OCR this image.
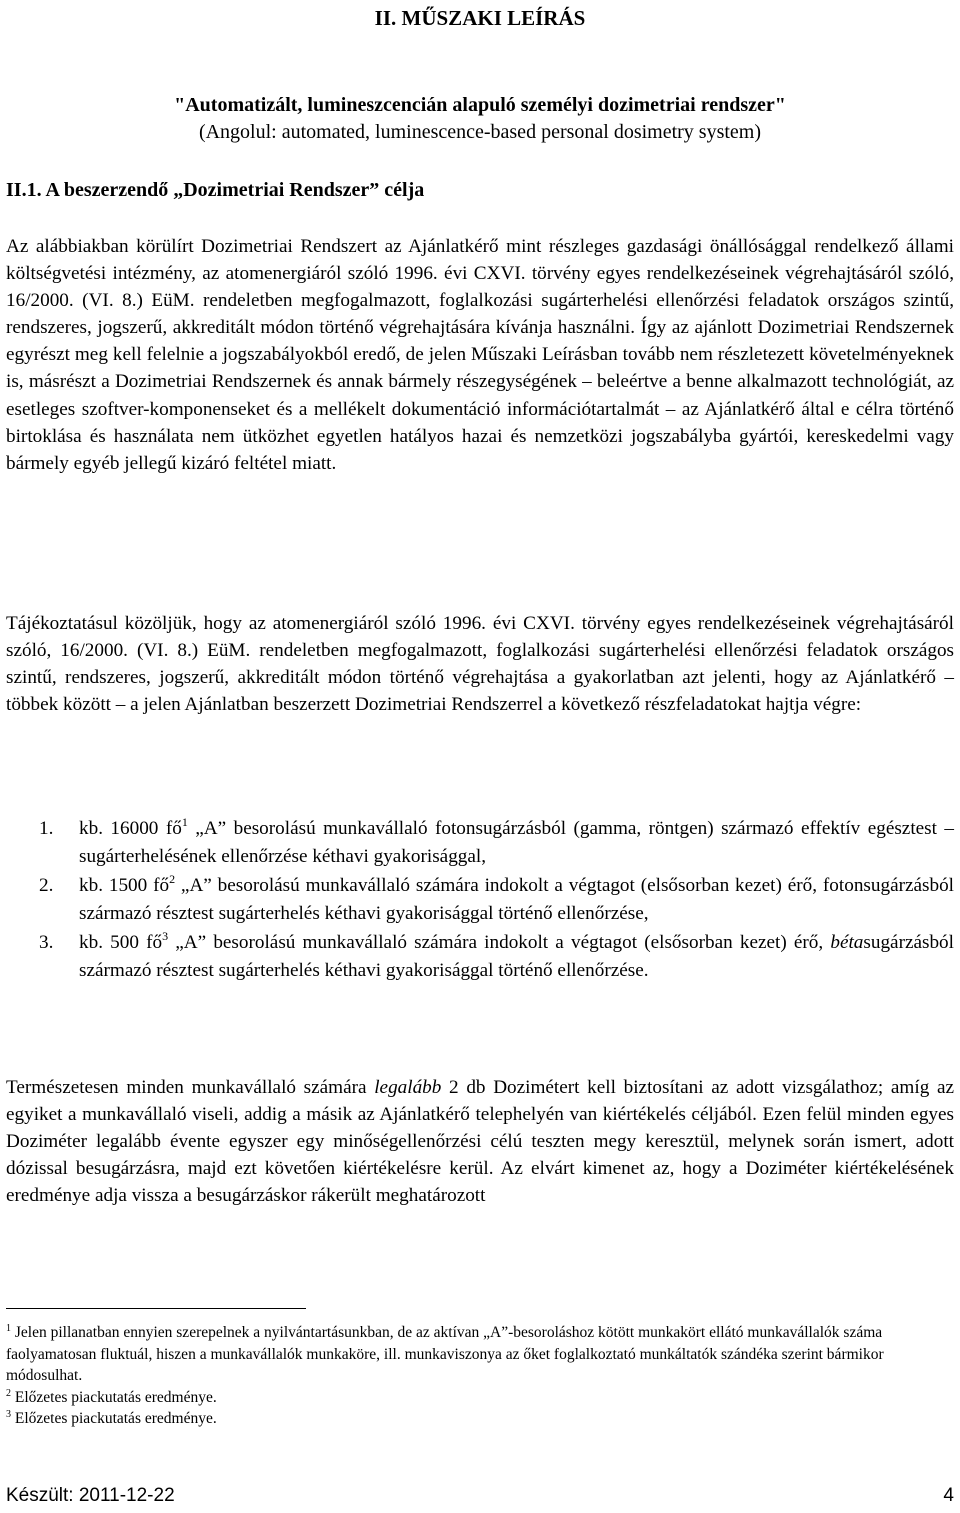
II. MŰSZAKI LEÍRÁS
"Automatizált, lumineszcencián alapuló személyi dozimetriai rendszer"
(Angolul: automated, luminescence-based personal dosimetry system)
II.1. A beszerzendő „Dozimetriai Rendszer” célja

Az alábbiakban körülírt Dozimetriai Rendszert az Ajánlatkérő mint részleges gazdasági önállósággal rendelkező állami költségvetési intézmény, az atomenergiáról szóló 1996. évi CXVI. törvény egyes rendelkezéseinek végrehajtásáról szóló, 16/2000. (VI. 8.) EüM. rendeletben megfogalmazott, foglalkozási sugárterhelési ellenőrzési feladatok országos szintű, rendszeres, jogszerű, akkreditált módon történő végrehajtására kívánja használni. Így az ajánlott Dozimetriai Rendszernek egyrészt meg kell felelnie a jogszabályokból eredő, de jelen Műszaki Leírásban tovább nem részletezett követelményeknek is, másrészt a Dozimetriai Rendszernek és annak bármely részegységének – beleértve a benne alkalmazott technológiát, az esetleges szoftver-komponenseket és a mellékelt dokumentáció információtartalmát – az Ajánlatkérő által e célra történő birtoklása és használata nem ütközhet egyetlen hatályos hazai és nemzetközi jogszabályba gyártói, kereskedelmi vagy bármely egyéb jellegű kizáró feltétel miatt.

Tájékoztatásul közöljük, hogy az atomenergiáról szóló 1996. évi CXVI. törvény egyes rendelkezéseinek végrehajtásáról szóló, 16/2000. (VI. 8.) EüM. rendeletben megfogalmazott, foglalkozási sugárterhelési ellenőrzési feladatok országos szintű, rendszeres, jogszerű, akkreditált módon történő végrehajtása a gyakorlatban azt jelenti, hogy az Ajánlatkérő – többek között – a jelen Ajánlatban beszerzett Dozimetriai Rendszerrel a következő részfeladatokat hajtja végre:

1. kb. 16000 $fő^1$ „A” besorolású munkavállaló fotonsugárzásból (gamma, röntgen) származó effektív egésztest – sugárterhelésének ellenőrzése kéthavi gyakorisággal,
2. kb. 1500 $fő^2$ „A” besorolású munkavállaló számára indokolt a végtagot (elsősorban kezet) érő, fotonsugárzásból származó résztest sugárterhelés kéthavi gyakorisággal történő ellenőrzése,
3. kb. 500 $fő^3$ „A” besorolású munkavállaló számára indokolt a végtagot (elsősorban kezet) érő, bétasugárzásból származó résztest sugárterhelés kéthavi gyakorisággal történő ellenőrzése.

Természetesen minden munkavállaló számára legalább 2 db Dozimétert kell biztosítani az adott vizsgálathoz; amíg az egyiket a munkavállaló viseli, addig a másik az Ajánlatkérő telephelyén van kiértékelés céljából. Ezen felül minden egyes Doziméter legalább évente egyszer egy minőségellenőrzési célú teszten megy keresztül, melynek során ismert, adott dózissal besugárzásra, majd ezt követően kiértékelésre kerül. Az elvárt kimenet az, hogy a Doziméter kiértékelésének eredménye adja vissza a besugárzáskor rákerült meghatározott

$^1$ Jelen pillanatban ennyien szerepelnek a nyilvántartásunkban, de az aktívan „A”-besoroláshoz kötött munkakört ellátó munkavállalók száma faolyamatosan fluktuál, hiszen a munkavállalók munkaköre, ill. munkaviszonya az őket foglalkoztató munkáltatók szándéka szerint bármikor módosulhat.

$^2$ Előzetes piackutatás eredménye.

$^3$ Előzetes piackutatás eredménye.

Készült: 2011-12-22	4
